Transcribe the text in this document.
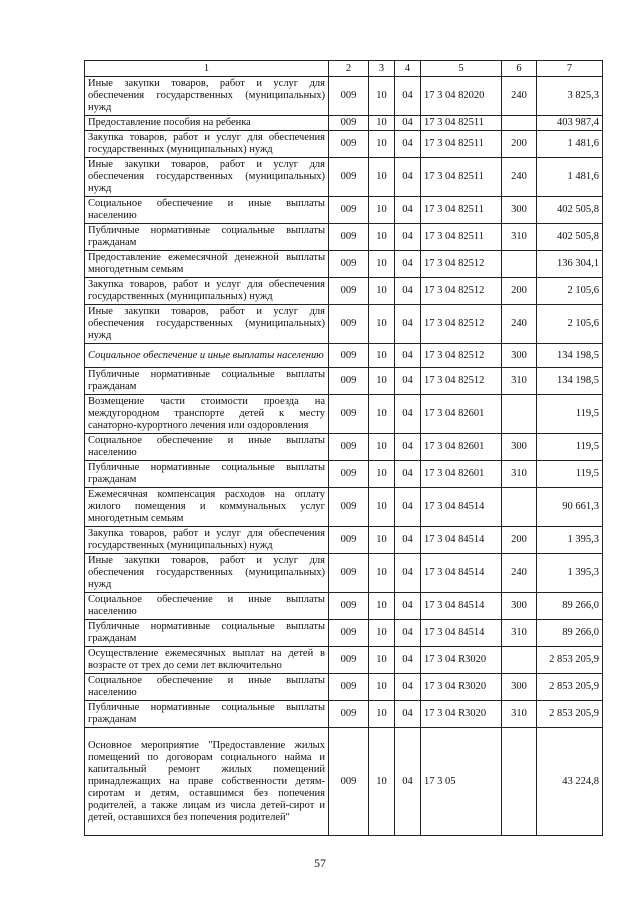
1	2	3	4	5	6	7
Иные закупки товаров, работ и услуг для обеспечения государственных (муниципальных) нужд	009	10	04	17 3 04 82020	240	3 825,3
Предоставление пособия на ребенка	009	10	04	17 3 04 82511		403 987,4
Закупка товаров, работ и услуг для обеспечения государственных (муниципальных) нужд	009	10	04	17 3 04 82511	200	1 481,6
Иные закупки товаров, работ и услуг для обеспечения государственных (муниципальных) нужд	009	10	04	17 3 04 82511	240	1 481,6
Социальное обеспечение и иные выплаты населению	009	10	04	17 3 04 82511	300	402 505,8
Публичные нормативные социальные выплаты гражданам	009	10	04	17 3 04 82511	310	402 505,8
Предоставление ежемесячной денежной выплаты многодетным семьям	009	10	04	17 3 04 82512		136 304,1
Закупка товаров, работ и услуг для обеспечения государственных (муниципальных) нужд	009	10	04	17 3 04 82512	200	2 105,6
Иные закупки товаров, работ и услуг для обеспечения государственных (муниципальных) нужд	009	10	04	17 3 04 82512	240	2 105,6
Социальное обеспечение и иные выплаты населению	009	10	04	17 3 04 82512	300	134 198,5
Публичные нормативные социальные выплаты гражданам	009	10	04	17 3 04 82512	310	134 198,5
Возмещение части стоимости проезда на междугородном транспорте детей к месту санаторно-курортного лечения или оздоровления	009	10	04	17 3 04 82601		119,5
Социальное обеспечение и иные выплаты населению	009	10	04	17 3 04 82601	300	119,5
Публичные нормативные социальные выплаты гражданам	009	10	04	17 3 04 82601	310	119,5
Ежемесячная компенсация расходов на оплату жилого помещения и коммунальных услуг многодетным семьям	009	10	04	17 3 04 84514		90 661,3
Закупка товаров, работ и услуг для обеспечения государственных (муниципальных) нужд	009	10	04	17 3 04 84514	200	1 395,3
Иные закупки товаров, работ и услуг для обеспечения государственных (муниципальных) нужд	009	10	04	17 3 04 84514	240	1 395,3
Социальное обеспечение и иные выплаты населению	009	10	04	17 3 04 84514	300	89 266,0
Публичные нормативные социальные выплаты гражданам	009	10	04	17 3 04 84514	310	89 266,0
Осуществление ежемесячных выплат на детей в возрасте от трех до семи лет включительно	009	10	04	17 3 04 R3020		2 853 205,9
Социальное обеспечение и иные выплаты населению	009	10	04	17 3 04 R3020	300	2 853 205,9
Публичные нормативные социальные выплаты гражданам	009	10	04	17 3 04 R3020	310	2 853 205,9
Основное мероприятие "Предоставление жилых помещений по договорам социального найма и капитальный ремонт жилых помещений принадлежащих на праве собственности детям-сиротам и детям, оставшимся без попечения родителей, а также лицам из числа детей-сирот и детей, оставшихся без попечения родителей"	009	10	04	17 3 05		43 224,8
57
